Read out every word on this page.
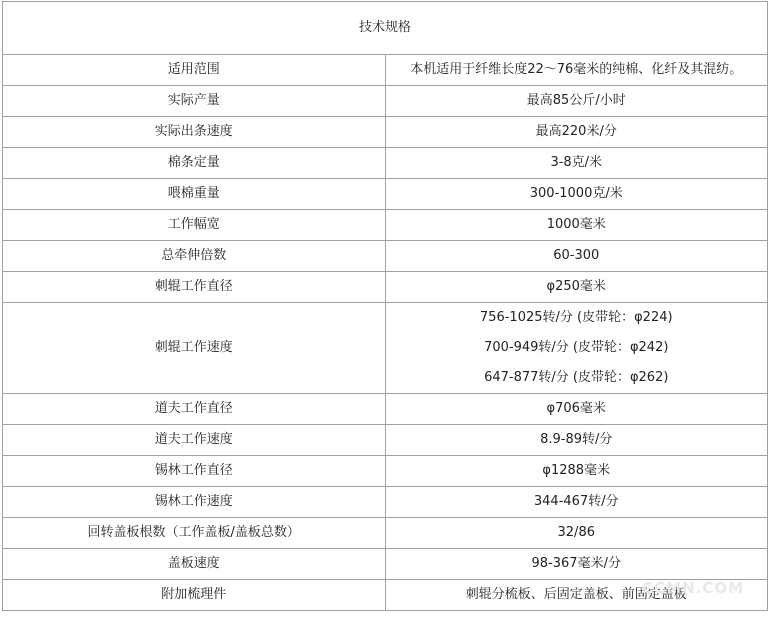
技术规格	
适用范围	本机适用于纤维长度22～76毫米的纯棉、化纤及其混纺。
实际产量	最高85公斤/小时
实际出条速度	最高220米/分
棉条定量	3-8克/米
喂棉重量	300-1000克/米
工作幅宽	1000毫米
总牵伸倍数	60-300
刺辊工作直径	φ250毫米
刺辊工作速度	756-1025转/分 (皮带轮：φ224)
700-949转/分 (皮带轮：φ242)
647-877转/分 (皮带轮：φ262)

道夫工作直径	φ706毫米
道夫工作速度	8.9-89转/分
锡林工作直径	φ1288毫米
锡林工作速度	344-467转/分
回转盖板根数（工作盖板/盖板总数）	32/86
盖板速度	98-367毫米/分
附加梳理件	刺辊分梳板、后固定盖板、前固定盖板
CCMN.COM
